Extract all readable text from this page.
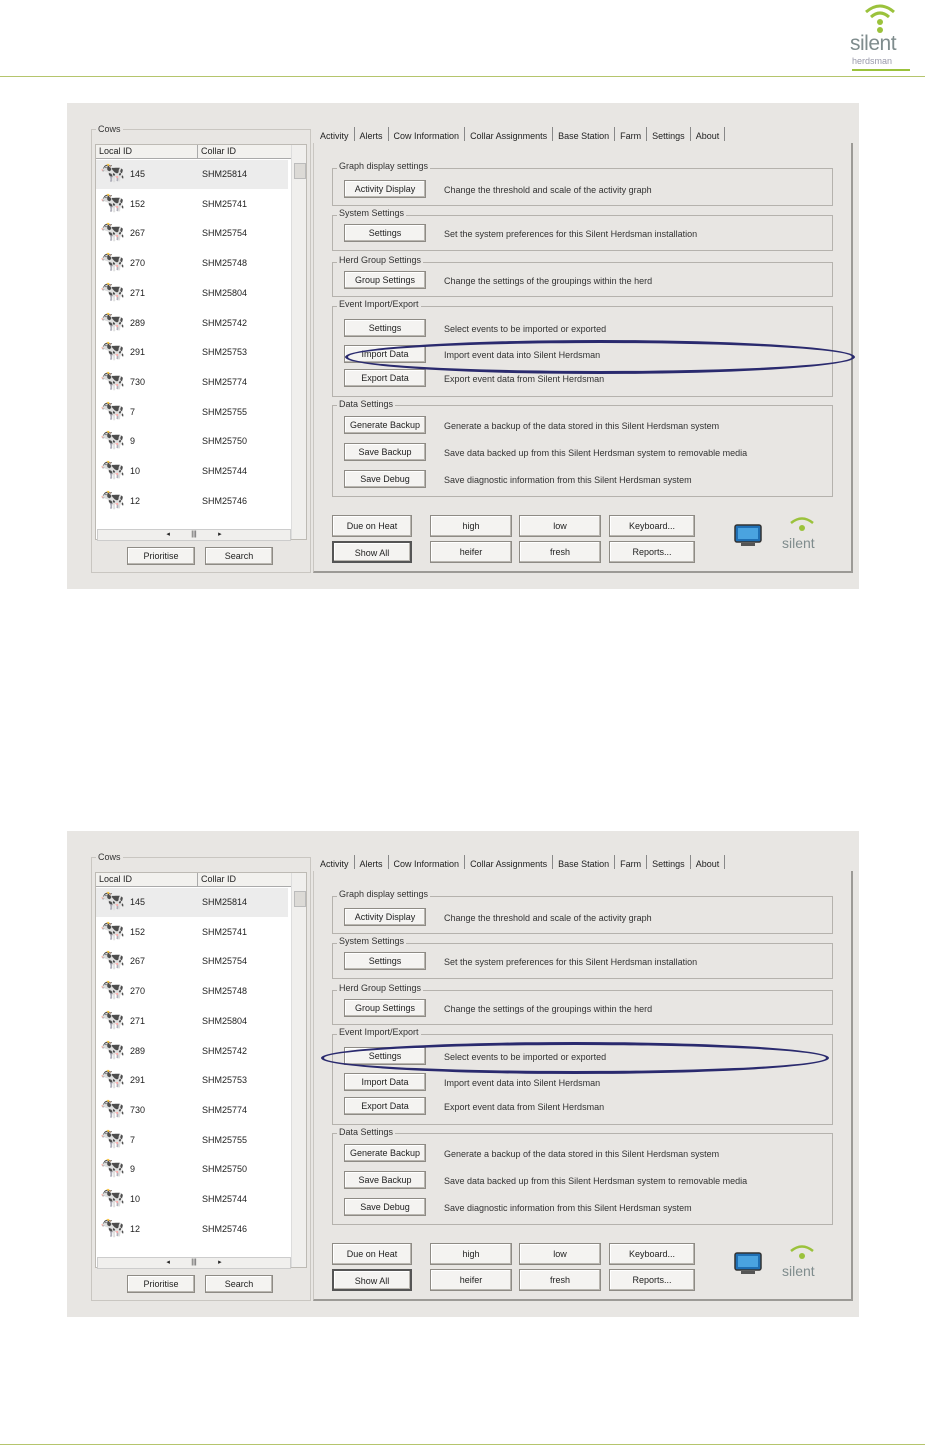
silent
herdsman
Cows
Local ID	Collar ID
🐄 145	SHM25814
🐄 152	SHM25741
🐄 267	SHM25754
🐄 270	SHM25748
🐄 271	SHM25804
🐄 289	SHM25742
🐄 291	SHM25753
🐄 730	SHM25774
🐄 7	SHM25755
🐄 9	SHM25750
🐄 10	SHM25744
🐄 12	SHM25746
◂           |||           ▸
Prioritise	Search
Activity	Alerts	Cow Information	Collar Assignments	Base Station	Farm	Settings	About
Graph display settings
Activity Display	Change the threshold and scale of the activity graph
System Settings
Settings	Set the system preferences for this Silent Herdsman installation
Herd Group Settings
Group Settings	Change the settings of the groupings within the herd
Event Import/Export
Settings	Select events to be imported or exported
Import Data	Import event data into Silent Herdsman
Export Data	Export event data from Silent Herdsman
Data Settings
Generate Backup	Generate a backup of the data stored in this Silent Herdsman system
Save Backup	Save data backed up from this Silent Herdsman system to removable media
Save Debug	Save diagnostic information from this Silent Herdsman system
Due on Heat	high	low	Keyboard...
Show All	heifer	fresh	Reports...
silent
Cows
Local ID	Collar ID
🐄 145	SHM25814
🐄 152	SHM25741
🐄 267	SHM25754
🐄 270	SHM25748
🐄 271	SHM25804
🐄 289	SHM25742
🐄 291	SHM25753
🐄 730	SHM25774
🐄 7	SHM25755
🐄 9	SHM25750
🐄 10	SHM25744
🐄 12	SHM25746
◂           |||           ▸
Prioritise	Search
Activity	Alerts	Cow Information	Collar Assignments	Base Station	Farm	Settings	About
Graph display settings
Activity Display	Change the threshold and scale of the activity graph
System Settings
Settings	Set the system preferences for this Silent Herdsman installation
Herd Group Settings
Group Settings	Change the settings of the groupings within the herd
Event Import/Export
Settings	Select events to be imported or exported
Import Data	Import event data into Silent Herdsman
Export Data	Export event data from Silent Herdsman
Data Settings
Generate Backup	Generate a backup of the data stored in this Silent Herdsman system
Save Backup	Save data backed up from this Silent Herdsman system to removable media
Save Debug	Save diagnostic information from this Silent Herdsman system
Due on Heat	high	low	Keyboard...
Show All	heifer	fresh	Reports...
silent
